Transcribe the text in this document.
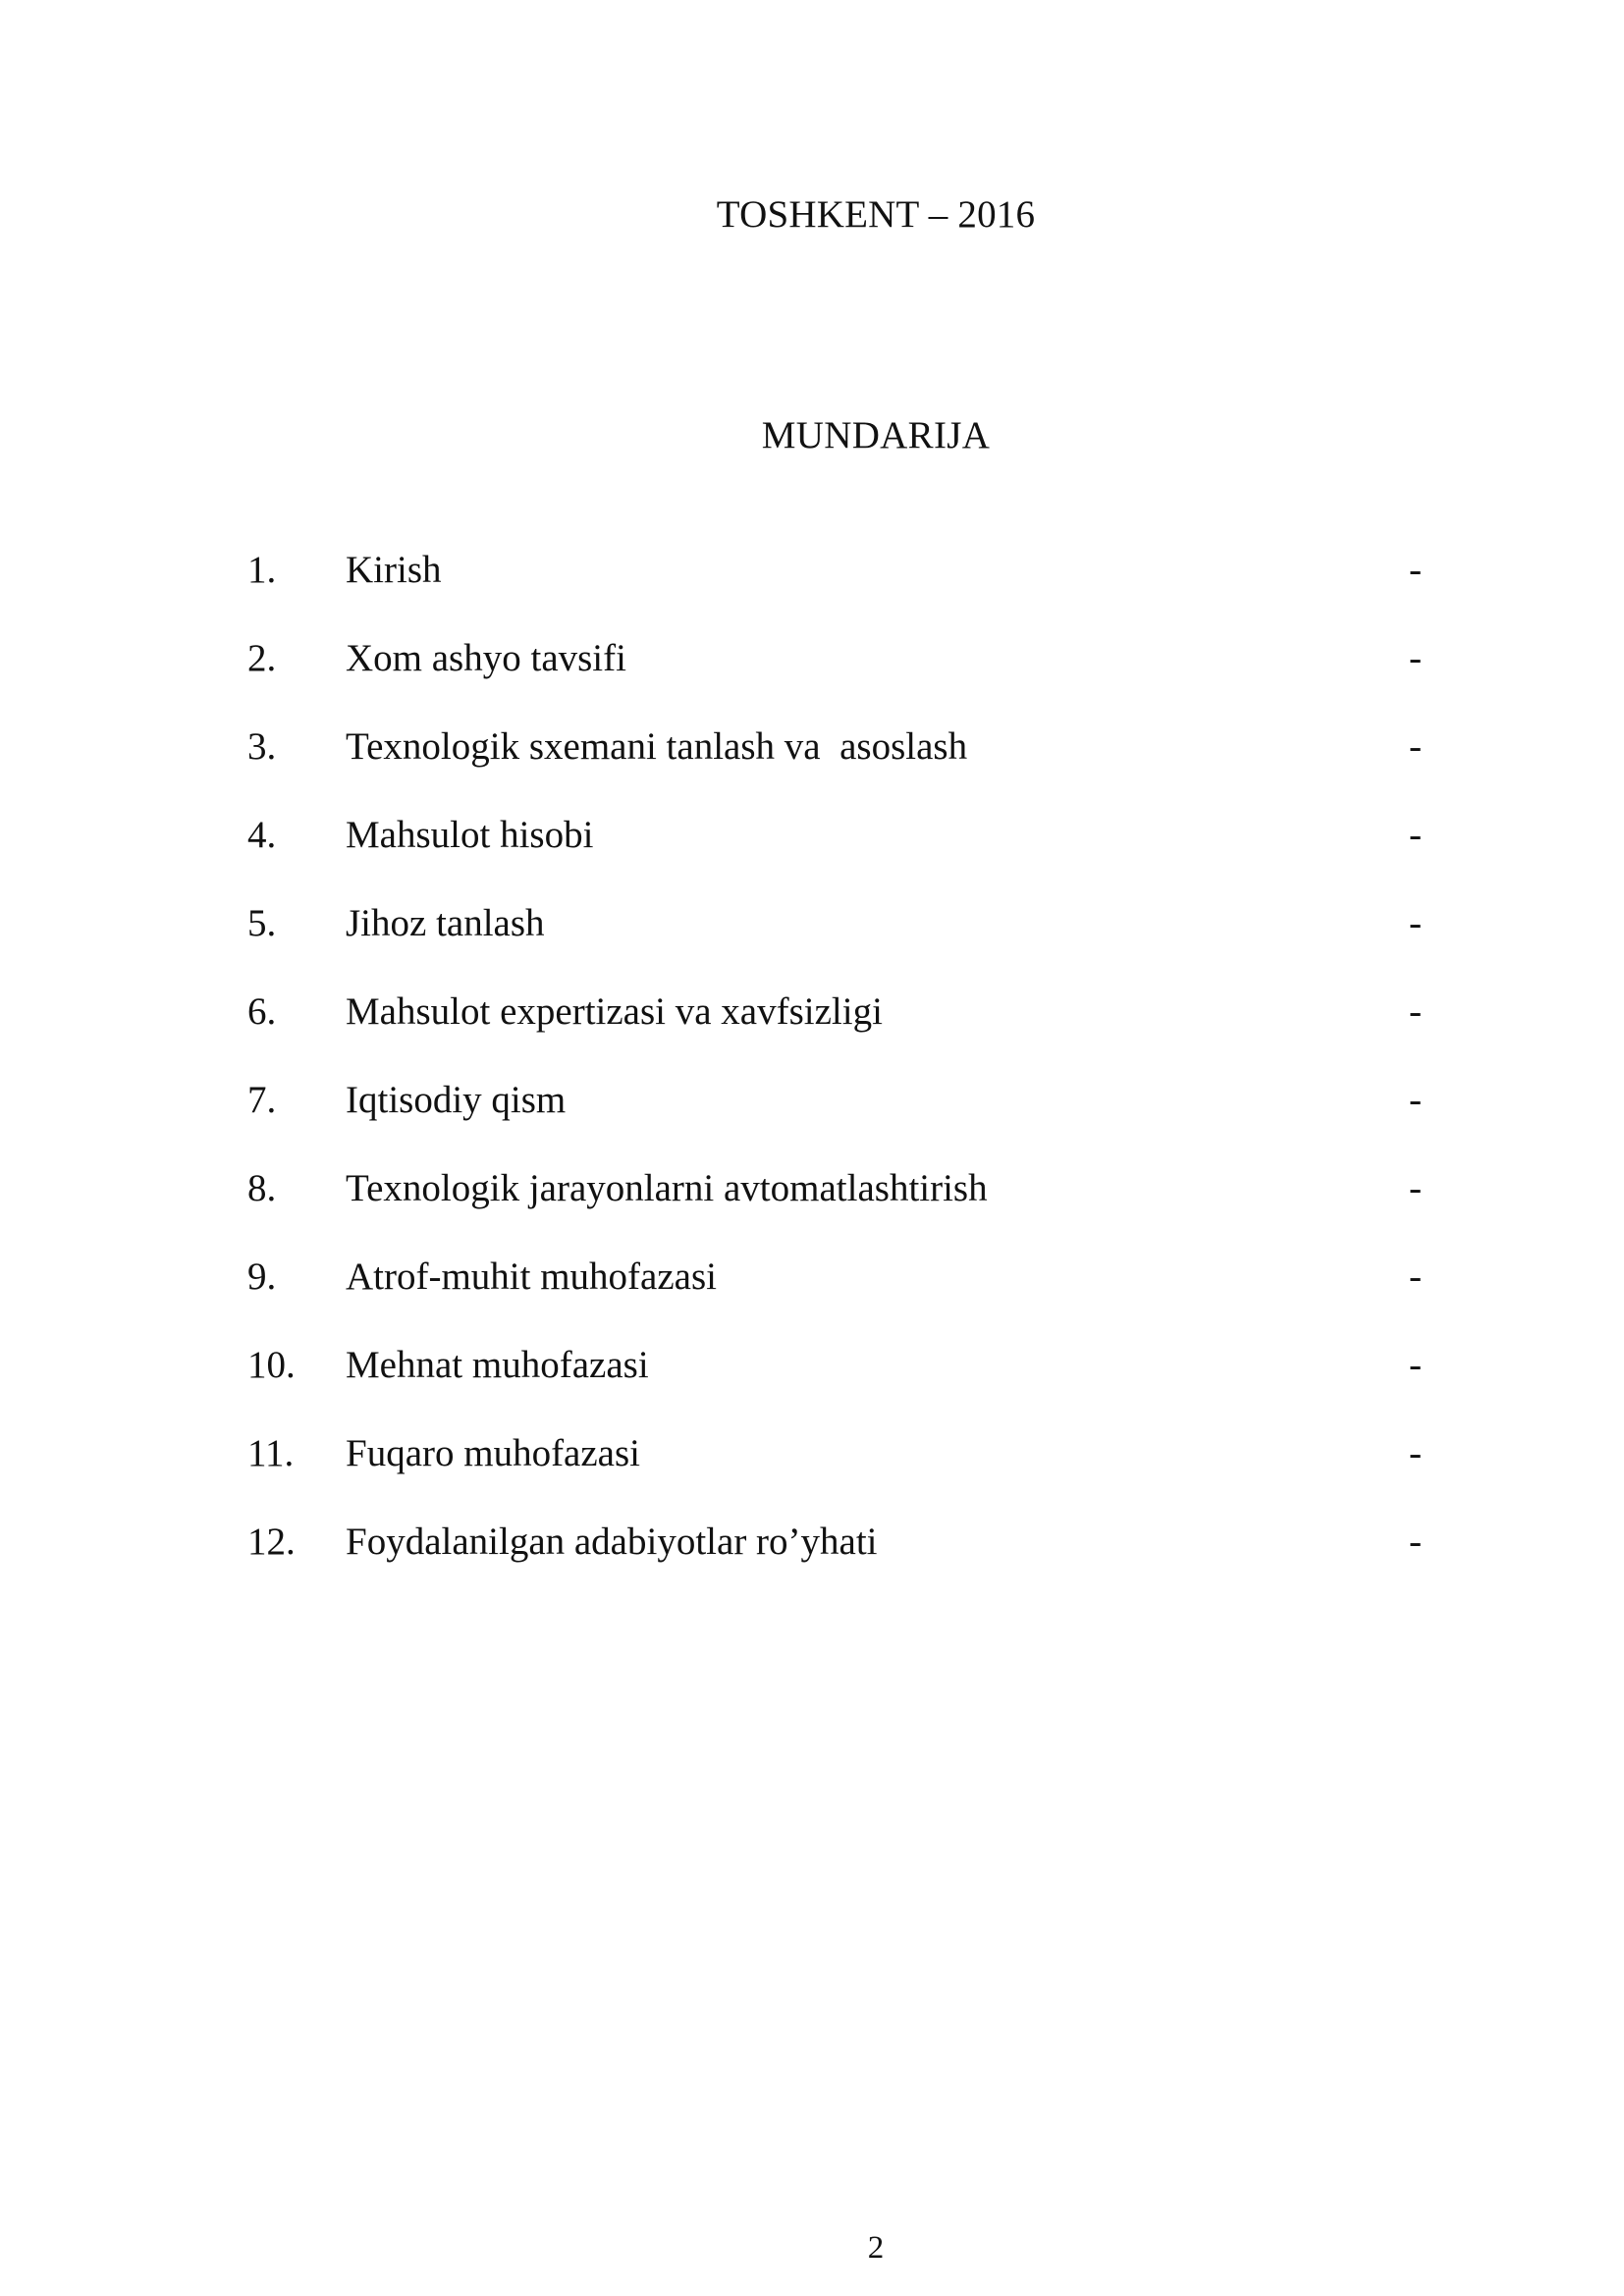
TOSHKENT – 2016
MUNDARIJA
1.	Kirish	-
2.	Xom ashyo tavsifi	-
3.	Texnologik sxemani tanlash va  asoslash	-
4.	Mahsulot hisobi	-
5.	Jihoz tanlash	-
6.	Mahsulot expertizasi va xavfsizligi	-
7.	Iqtisodiy qism	-
8.	Texnologik jarayonlarni avtomatlashtirish	-
9.	Atrof-muhit muhofazasi	-
10.	Mehnat muhofazasi	-
11.	Fuqaro muhofazasi	-
12.	Foydalanilgan adabiyotlar ro’yhati	-
2
